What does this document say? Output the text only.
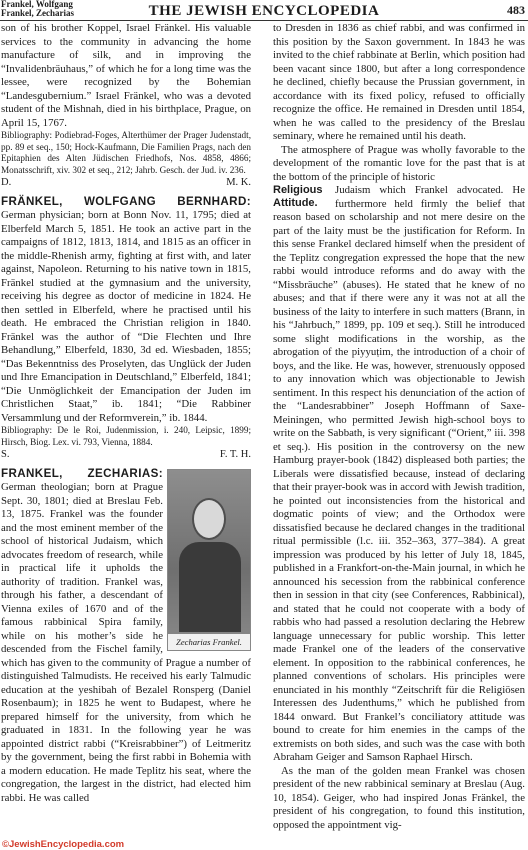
Frankel, Wolfgang
Frankel, Zecharias	THE JEWISH ENCYCLOPEDIA	483

son of his brother Koppel, Israel Fränkel. His valuable services to the community in advancing the home manufacture of silk, and in improving the “Invalidenbräuhaus,” of which he for a long time was the lessee, were recognized by the Bohemian “Landesgubernium.” Israel Fränkel, who was a devoted student of the Mishnah, died in his birthplace, Prague, on April 15, 1767.

Bibliography: Podiebrad-Foges, Alterthümer der Prager Judenstadt, pp. 89 et seq., 150; Hock-Kaufmann, Die Familien Prags, nach den Epitaphien des Alten Jüdischen Friedhofs, Nos. 4858, 4866; Monatsschrift, xiv. 302 et seq., 212; Jahrb. Gesch. der Jud. iv. 236.

D.	M. K.

FRÄNKEL, WOLFGANG BERNHARD: German physician; born at Bonn Nov. 11, 1795; died at Elberfeld March 5, 1851. He took an active part in the campaigns of 1812, 1813, 1814, and 1815 as an officer in the middle-Rhenish army, fighting at first with, and later against, Napoleon. Returning to his native town in 1815, Fränkel studied at the gymnasium and the university, receiving his degree as doctor of medicine in 1824. He then settled in Elberfeld, where he practised until his death. He embraced the Christian religion in 1840. Fränkel was the author of “Die Flechten und Ihre Behandlung,” Elberfeld, 1830, 3d ed. Wiesbaden, 1855; “Das Bekenntniss des Proselyten, das Unglück der Juden und Ihre Emancipation in Deutschland,” Elberfeld, 1841; “Die Unmöglichkeit der Emancipation der Juden im Christlichen Staat,” ib. 1841; “Die Rabbiner Versammlung und der Reformverein,” ib. 1844.

Bibliography: De le Roi, Judenmission, i. 240, Leipsic, 1899; Hirsch, Biog. Lex. vi. 793, Vienna, 1884.

S.	F. T. H.

FRANKEL, ZECHARIAS:
Zecharias Frankel.
German theologian; born at Prague Sept. 30, 1801; died at Breslau Feb. 13, 1875. Frankel was the founder and the most eminent member of the school of historical Judaism, which advocates freedom of research, while in practical life it upholds the authority of tradition. Frankel was, through his father, a descendant of Vienna exiles of 1670 and of the famous rabbinical Spira family, while on his mother’s side he descended from the Fischel family, which has given to the community of Prague a number of distinguished Talmudists. He received his early Talmudic education at the yeshibah of Bezalel Ronsperg (Daniel Rosenbaum); in 1825 he went to Budapest, where he prepared himself for the university, from which he graduated in 1831. In the following year he was appointed district rabbi (“Kreisrabbiner”) of Leitmeritz by the government, being the first rabbi in Bohemia with a modern education. He made Teplitz his seat, where the congregation, the largest in the district, had elected him rabbi. He was called

to Dresden in 1836 as chief rabbi, and was confirmed in this position by the Saxon government. In 1843 he was invited to the chief rabbinate at Berlin, which position had been vacant since 1800, but after a long correspondence he declined, chiefly because the Prussian government, in accordance with its fixed policy, refused to officially recognize the office. He remained in Dresden until 1854, when he was called to the presidency of the Breslau seminary, where he remained until his death.

The atmosphere of Prague was wholly favorable to the development of the romantic love for the past that is at the bottom of the principle of historic

Religious Attitude.

Judaism which Frankel advocated. He furthermore held firmly the belief that reason based on scholarship and not mere desire on the part of the laity must be the justification for Reform. In this sense Frankel declared himself when the president of the Teplitz congregation expressed the hope that the new rabbi would introduce reforms and do away with the “Missbräuche” (abuses). He stated that he knew of no abuses; and that if there were any it was not at all the business of the laity to interfere in such matters (Brann, in his “Jahrbuch,” 1899, pp. 109 et seq.). Still he introduced some slight modifications in the worship, as the abrogation of the piyyuṭim, the introduction of a choir of boys, and the like. He was, however, strenuously opposed to any innovation which was objectionable to Jewish sentiment. In this respect his denunciation of the action of the “Landesrabbiner” Joseph Hoffmann of Saxe-Meiningen, who permitted Jewish high-school boys to write on the Sabbath, is very significant (“Orient,” iii. 398 et seq.). His position in the controversy on the new Hamburg prayer-book (1842) displeased both parties; the Liberals were dissatisfied because, instead of declaring that their prayer-book was in accord with Jewish tradition, he pointed out inconsistencies from the historical and dogmatic points of view; and the Orthodox were dissatisfied because he declared changes in the traditional ritual permissible (l.c. iii. 352–363, 377–384). A great impression was produced by his letter of July 18, 1845, published in a Frankfort-on-the-Main journal, in which he announced his secession from the rabbinical conference then in session in that city (see Conferences, Rabbinical), and stated that he could not cooperate with a body of rabbis who had passed a resolution declaring the Hebrew language unnecessary for public worship. This letter made Frankel one of the leaders of the conservative element. In opposition to the rabbinical conferences, he planned conventions of scholars. His principles were enunciated in his monthly “Zeitschrift für die Religiösen Interessen des Judenthums,” which he published from 1844 onward. But Frankel’s conciliatory attitude was bound to create for him enemies in the camps of the extremists on both sides, and such was the case with both Abraham Geiger and Samson Raphael Hirsch.

As the man of the golden mean Frankel was chosen president of the new rabbinical seminary at Breslau (Aug. 10, 1854). Geiger, who had inspired Jonas Fränkel, the president of his congregation, to found this institution, opposed the appointment vig-

©JewishEncyclopedia.com
